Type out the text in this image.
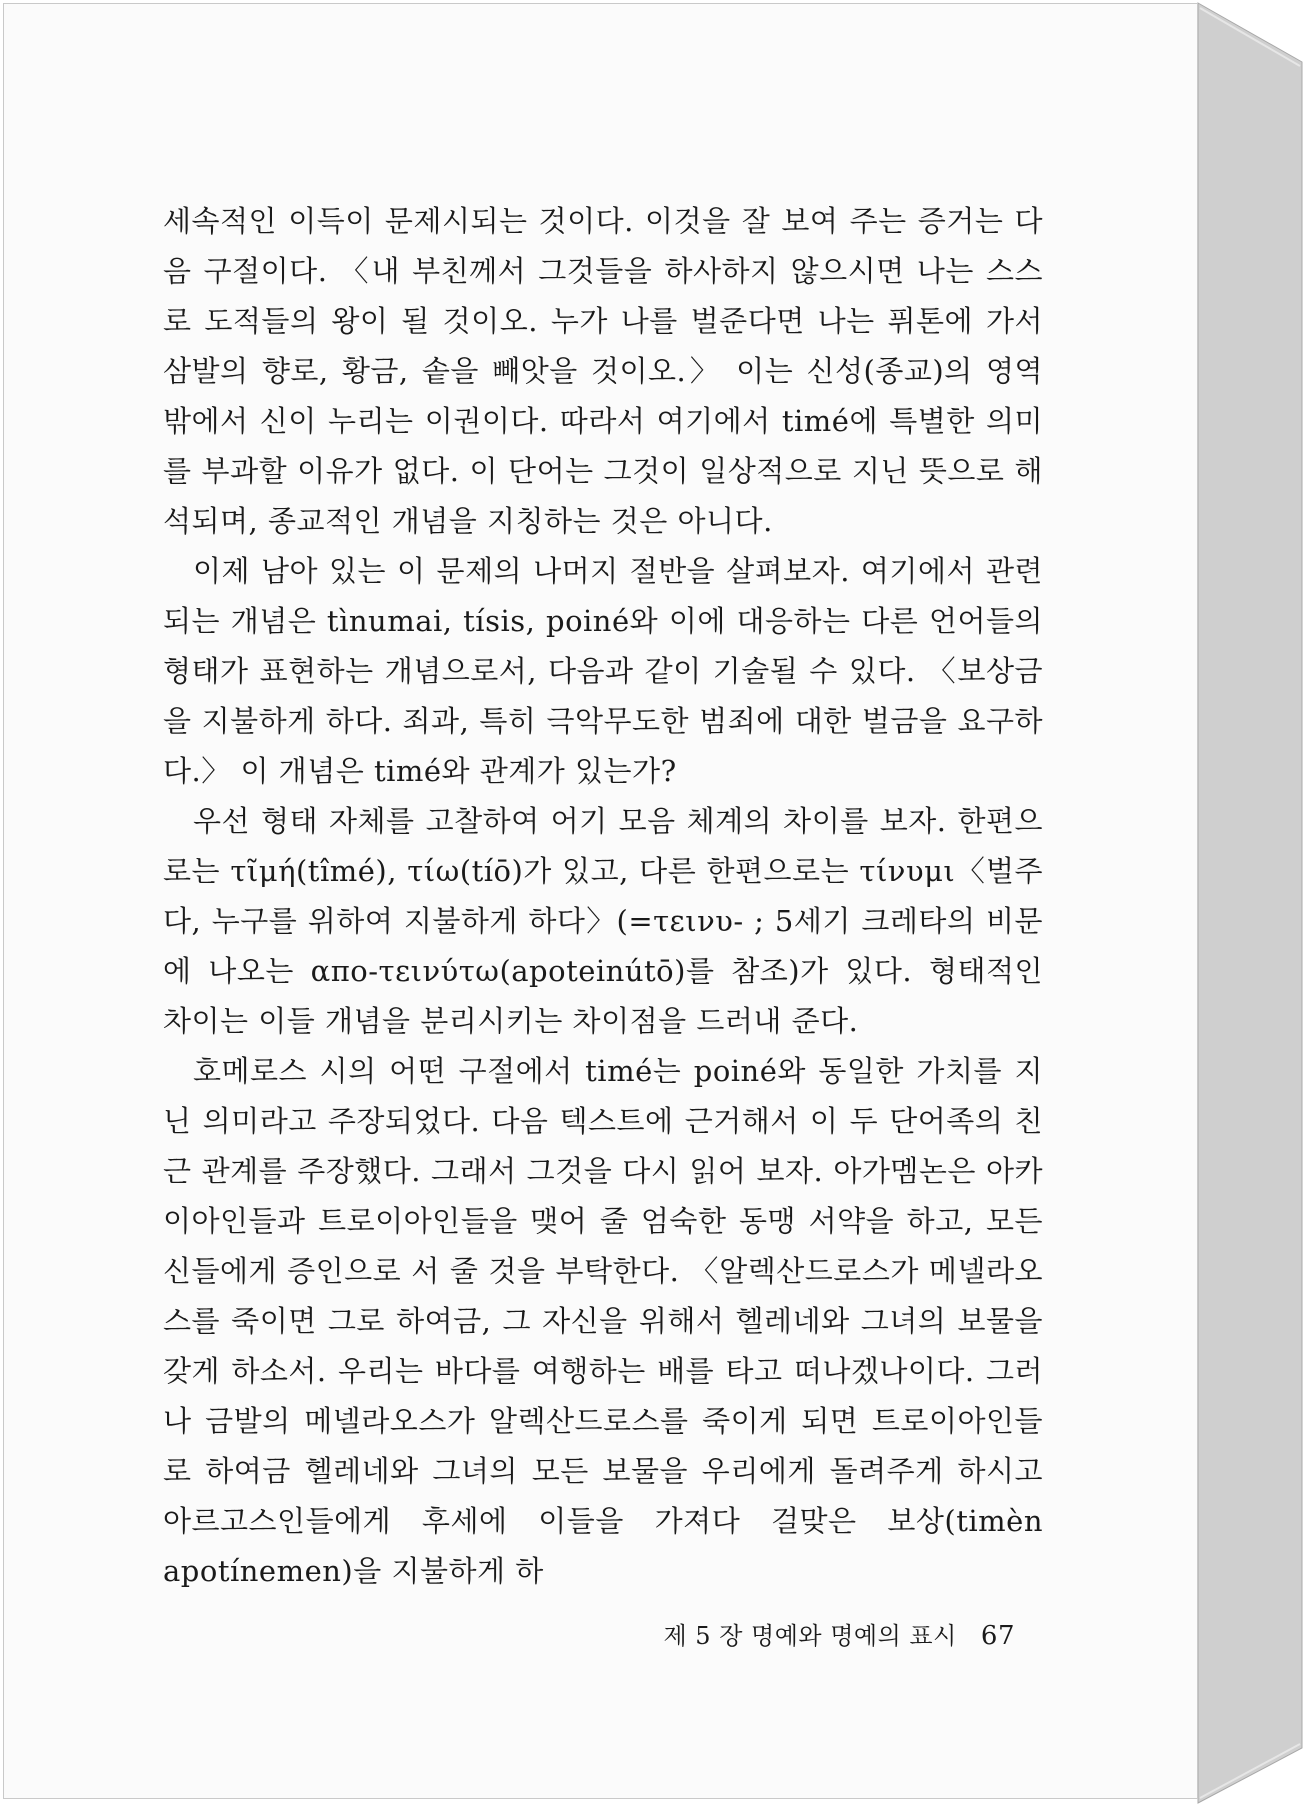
세속적인 이득이 문제시되는 것이다. 이것을 잘 보여 주는 증거는 다음 구절이다. 〈내 부친께서 그것들을 하사하지 않으시면 나는 스스로 도적들의 왕이 될 것이오. 누가 나를 벌준다면 나는 퓌톤에 가서 삼발의 향로, 황금, 솥을 빼앗을 것이오.〉 이는 신성(종교)의 영역 밖에서 신이 누리는 이권이다. 따라서 여기에서 timé에 특별한 의미를 부과할 이유가 없다. 이 단어는 그것이 일상적으로 지닌 뜻으로 해석되며, 종교적인 개념을 지칭하는 것은 아니다.

이제 남아 있는 이 문제의 나머지 절반을 살펴보자. 여기에서 관련되는 개념은 tìnumai, tísis, poiné와 이에 대응하는 다른 언어들의 형태가 표현하는 개념으로서, 다음과 같이 기술될 수 있다. 〈보상금을 지불하게 하다. 죄과, 특히 극악무도한 범죄에 대한 벌금을 요구하다.〉 이 개념은 timé와 관계가 있는가?

우선 형태 자체를 고찰하여 어기 모음 체계의 차이를 보자. 한편으로는 τῖμή(tîmé), τίω(tíō)가 있고, 다른 한편으로는 τίνυμι〈벌주다, 누구를 위하여 지불하게 하다〉(=τεινυ- ; 5세기 크레타의 비문에 나오는 απο-τεινύτω(apoteinútō)를 참조)가 있다. 형태적인 차이는 이들 개념을 분리시키는 차이점을 드러내 준다.

호메로스 시의 어떤 구절에서 timé는 poiné와 동일한 가치를 지닌 의미라고 주장되었다. 다음 텍스트에 근거해서 이 두 단어족의 친근 관계를 주장했다. 그래서 그것을 다시 읽어 보자. 아가멤논은 아카이아인들과 트로이아인들을 맺어 줄 엄숙한 동맹 서약을 하고, 모든 신들에게 증인으로 서 줄 것을 부탁한다. 〈알렉산드로스가 메넬라오스를 죽이면 그로 하여금, 그 자신을 위해서 헬레네와 그녀의 보물을 갖게 하소서. 우리는 바다를 여행하는 배를 타고 떠나겠나이다. 그러나 금발의 메넬라오스가 알렉산드로스를 죽이게 되면 트로이아인들로 하여금 헬레네와 그녀의 모든 보물을 우리에게 돌려주게 하시고 아르고스인들에게 후세에 이들을 가져다 걸맞은 보상(timèn apotínemen)을 지불하게 하

제 5 장 명예와 명예의 표시 67
